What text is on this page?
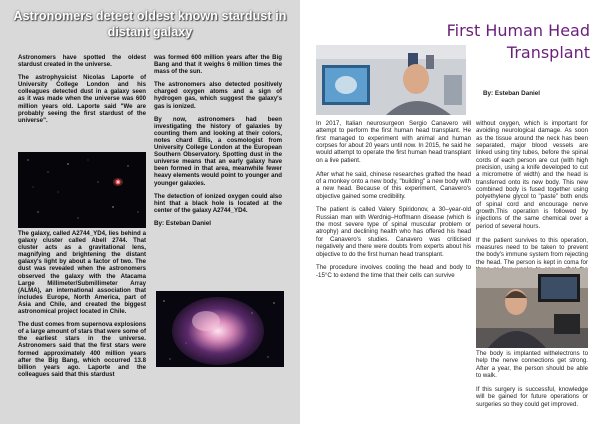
Astronomers detect oldest known stardust in distant galaxy

Astronomers have spotted the oldest stardust created in the universe.

The astrophysicist Nicolas Laporte of University College London and his colleagues detected dust in a galaxy seen as it was made when the universe was 600 million years old. Laporte said "We are probably seeing the first stardust of the universe".

The galaxy, called A2744_YD4, lies behind a galaxy cluster called Abell 2744. That cluster acts as a gravitational lens, magnifying and brightening the distant galaxy's light by about a factor of two. The dust was revealed when the astronomers observed the galaxy with the Atacama Large Millimeter/Submillimeter Array (ALMA), an international association that includes Europe, North America, part of Asia and Chile, and created the biggest astronomical project located in Chile.

The dust comes from supernova explosions of a large amount of stars that were some of the earliest stars in the universe. Astronomers said that the first stars were formed approximately 400 million years after the Big Bang, which occurred 13.8 billion years ago. Laporte and the colleagues said that this stardust

was formed 600 million years after the Big Bang and that it weighs 6 million times the mass of the sun.

The astronomers also detected positively charged oxygen atoms and a sign of hydrogen gas, which suggest the galaxy's gas is ionized.

By now, astronomers had been investigating the history of galaxies by counting them and looking at their colors, notes chard Ellis, a cosmologist from University College London at the European Southern Observatory. Spotting dust in the universe means that an early galaxy have been formed in that area, meanwhile fewer heavy elements would point to younger and younger galaxies.

The detection of ionized oxygen could also hint that a black hole is located at the center of the galaxy A2744_YD4.

By: Esteban Daniel

First Human Head
Transplant
By: Esteban Daniel

In 2017, Italian neurosurgeon Sergio Canavero will attempt to perform the first human head transplant. He first managed to experiment with animal and human corpses for about 20 years until now. In 2015, he said he would attempt to operate the first human head transplant on a live patient.

After what he said, chinese researches grafted the head of a monkey onto a new body, "building" a new body with a new head. Because of this experiment, Canavero's objective gained some credibility.

The patient is called Valery Spiridonov, a 30–year-old Russian man with Werdnig–Hoffmann disease (which is the most severe type of spinal muscular problem or atrophy) and declining health who has offered his head for Canavero's studies. Canavero was criticised negatively and there were doubts from experts about his objective to do the first human head transplant.

The procedure involves cooling the head and body to -15°C to extend the time that their cells can survive

without oxygen, which is important for avoiding neurological damage. As soon as the tissue around the neck has been separated, major blood vessels are linked using tiny tubes, before the spinal cords of each person are cut (with high precision, using a knife developed to cut a micrometre of width) and the head is transferred onto its new body. This new combined body is fused together using polyethylene glycol to "paste" both ends of spinal cord and encourage nerve growth.This operation is followed by injections of the same chemical over a period of several hours.

If the patient survives to this operation, measures need to be taken to prevent the body's immune system from rejecting the head. The person is kept in coma for

The body is implanted withelectrons to help the nerve connections get strong. After a year, the person should be able to walk.

If this surgery is successful, knowledge will be gained for future operations or surgeries so they could get improved.
